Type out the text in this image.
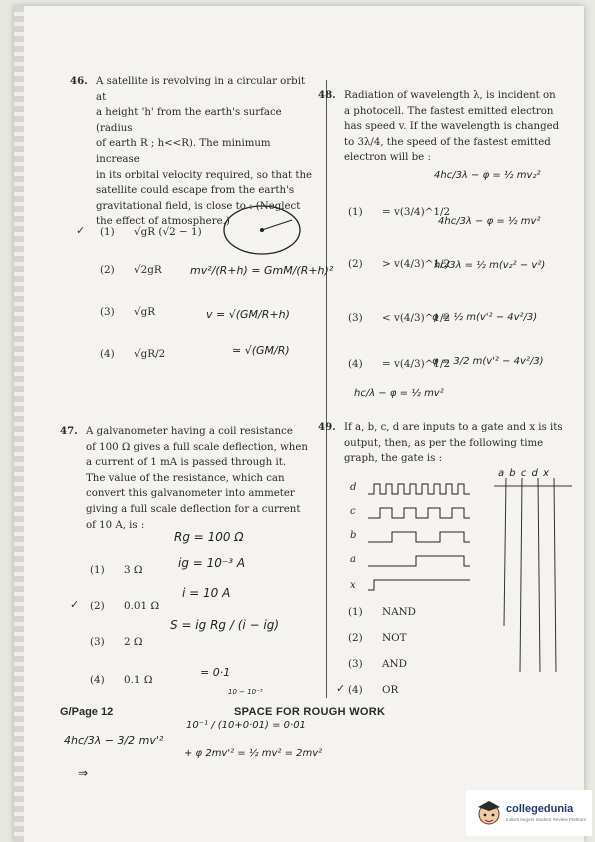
46. A satellite is revolving in a circular orbit at
a height 'h' from the earth's surface (radius
of earth R ; h<<R). The minimum increase
in its orbital velocity required, so that the
satellite could escape from the earth's
gravitational field, is close to : (Neglect
the effect of atmosphere.)
(1) √gR (√2 − 1)
(2) √2gR
(3) √gR
(4) √gR/2
mv²/(R+h) = GmM/(R+h)²
v = √(GM/R+h)
≃ √(GM/R)
47. A galvanometer having a coil resistance
of 100 Ω gives a full scale deflection, when
a current of 1 mA is passed through it.
The value of the resistance, which can
convert this galvanometer into ammeter
giving a full scale deflection for a current
of 10 A, is :
(1) 3 Ω
(2) 0.01 Ω
(3) 2 Ω
(4) 0.1 Ω
Rg = 100 Ω
ig = 10⁻³ A
i = 10 A
S = ig Rg / (i − ig)
= 0·1
10 − 10⁻³
48. Radiation of wavelength λ, is incident on
a photocell. The fastest emitted electron
has speed v. If the wavelength is changed
to 3λ/4, the speed of the fastest emitted
electron will be :
(1) = v(3/4)^1/2
(2) > v(4/3)^1/2
(3) < v(4/3)^1/2
(4) = v(4/3)^1/2
4hc/3λ − φ = ½ mv₂²
4hc/3λ − φ = ½ mv²
hc/3λ = ½ m(v₂² − v²)
φ = ½ m(v'² − 4v²/3)
φ = 3/2 m(v'² − 4v²/3)
hc/λ − φ = ½ mv²
49. If a, b, c, d are inputs to a gate and x is its
output, then, as per the following time
graph, the gate is :
d
c
b
a
x
(1) NAND
(2) NOT
(3) AND
(4) OR
a b c d x
✓
✓
✓
G/Page 12	SPACE FOR ROUGH WORK
4hc/3λ − 3/2 mv'²
10⁻¹ / (10+0·01) = 0·01
+ φ 2mv'² = ½ mv² = 2mv²
⇒
collegedunia
India's largest Student Review Platform
